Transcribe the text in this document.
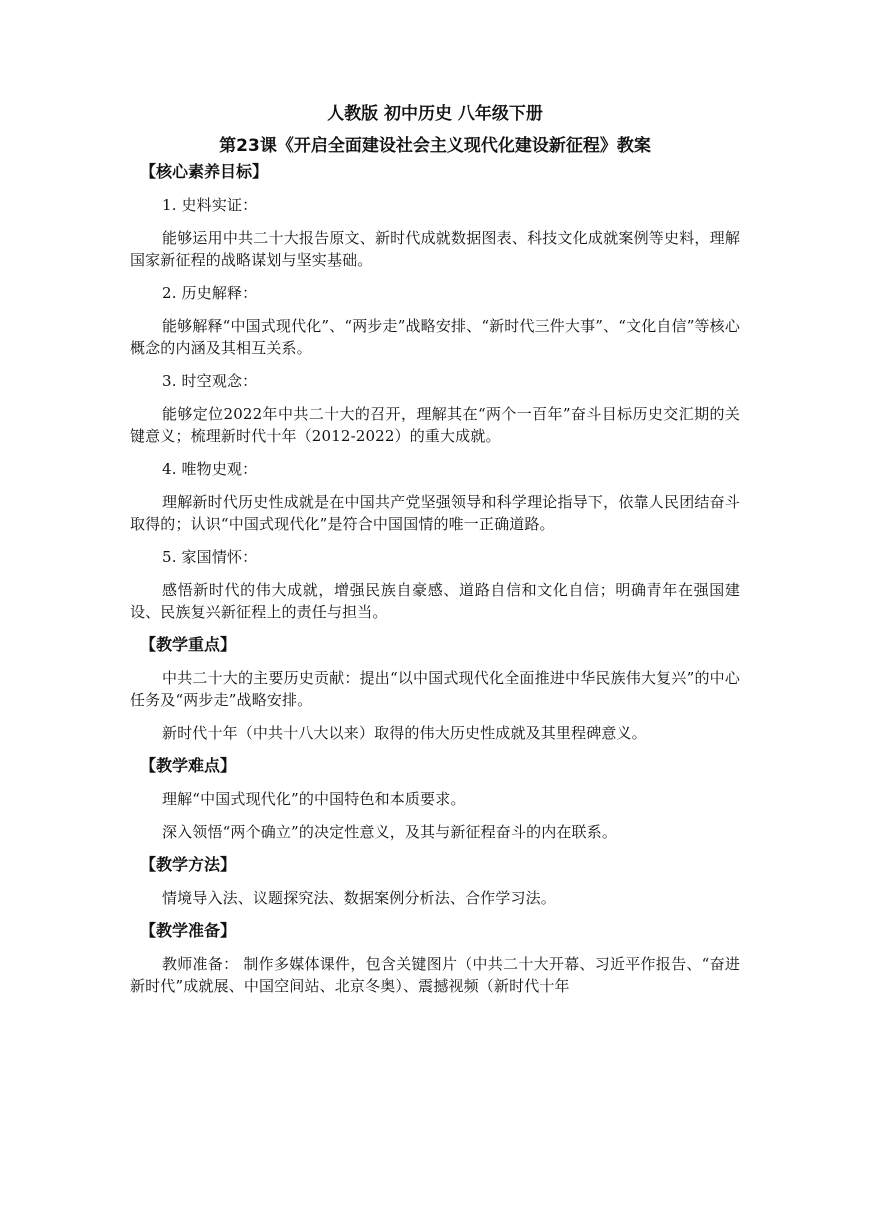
人教版 初中历史 八年级下册
第23课《开启全面建设社会主义现代化建设新征程》教案
【核心素养目标】
1. 史料实证：
能够运用中共二十大报告原文、新时代成就数据图表、科技文化成就案例等史料，理解国家新征程的战略谋划与坚实基础。
2. 历史解释：
能够解释“中国式现代化”、“两步走”战略安排、“新时代三件大事”、“文化自信”等核心概念的内涵及其相互关系。
3. 时空观念：
能够定位2022年中共二十大的召开，理解其在“两个一百年”奋斗目标历史交汇期的关键意义；梳理新时代十年（2012-2022）的重大成就。
4. 唯物史观：
理解新时代历史性成就是在中国共产党坚强领导和科学理论指导下，依靠人民团结奋斗取得的；认识“中国式现代化”是符合中国国情的唯一正确道路。
5. 家国情怀：
感悟新时代的伟大成就，增强民族自豪感、道路自信和文化自信；明确青年在强国建设、民族复兴新征程上的责任与担当。
【教学重点】
中共二十大的主要历史贡献：提出“以中国式现代化全面推进中华民族伟大复兴”的中心任务及“两步走”战略安排。
新时代十年（中共十八大以来）取得的伟大历史性成就及其里程碑意义。
【教学难点】
理解“中国式现代化”的中国特色和本质要求。
深入领悟“两个确立”的决定性意义，及其与新征程奋斗的内在联系。
【教学方法】
情境导入法、议题探究法、数据案例分析法、合作学习法。
【教学准备】
教师准备： 制作多媒体课件，包含关键图片（中共二十大开幕、习近平作报告、“奋进新时代”成就展、中国空间站、北京冬奥）、震撼视频（新时代十年
